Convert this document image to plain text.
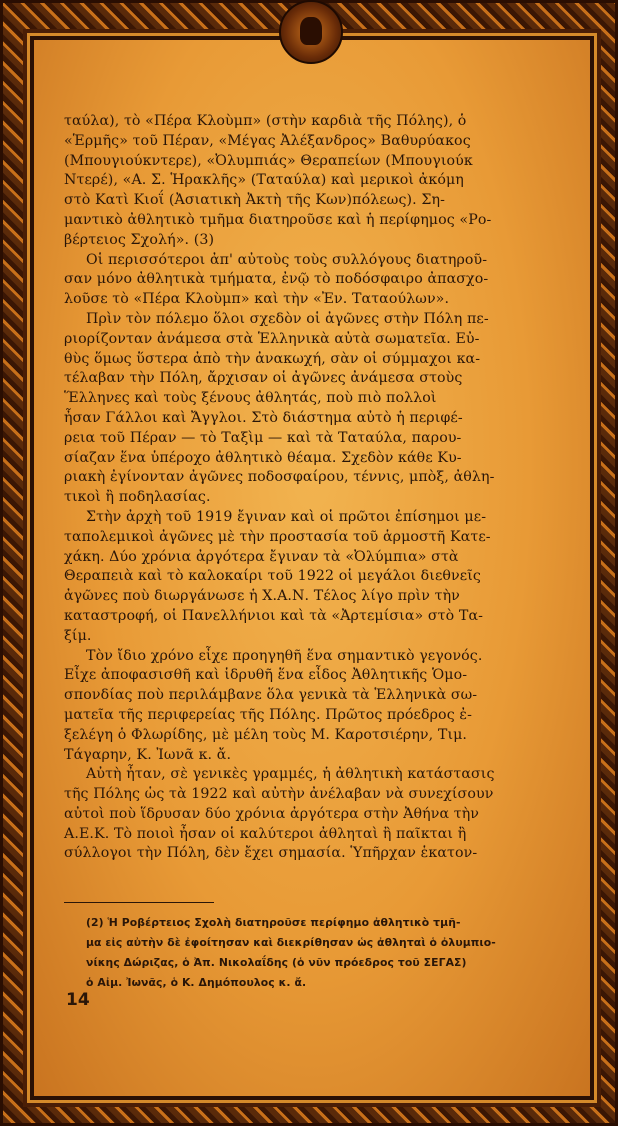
ταύλα), τὸ «Πέρα Κλοὺμπ» (στὴν καρδιὰ τῆς Πόλης), ὁ
«Ἑρμῆς» τοῦ Πέραν, «Μέγας Ἀλέξανδρος» Βαθυρύακος
(Μπουγιούκντερε), «Ὀλυμπιάς» Θεραπείων (Μπουγιούκ
Ντερέ), «Α. Σ. Ἡρακλῆς» (Ταταύλα) καὶ μερικοὶ ἀκόμη
στὸ Κατὶ Κιοΐ (Ἀσιατικὴ Ἀκτὴ τῆς Κων)πόλεως). Ση-
μαντικὸ ἀθλητικὸ τμῆμα διατηροῦσε καὶ ἡ περίφημος «Ρο-
βέρτειος Σχολή». (3)
Οἱ περισσότεροι ἀπ' αὐτοὺς τοὺς συλλόγους διατηροῦ-
σαν μόνο ἀθλητικὰ τμήματα, ἐνῷ τὸ ποδόσφαιρο ἀπασχο-
λοῦσε τὸ «Πέρα Κλοὺμπ» καὶ τὴν «Ἐν. Ταταούλων».
Πρὶν τὸν πόλεμο ὅλοι σχεδὸν οἱ ἀγῶνες στὴν Πόλη πε-
ριορίζονταν ἀνάμεσα στὰ Ἑλληνικὰ αὐτὰ σωματεῖα. Εὐ-
θὺς ὅμως ὕστερα ἀπὸ τὴν ἀνακωχή, σὰν οἱ σύμμαχοι κα-
τέλαβαν τὴν Πόλη, ἄρχισαν οἱ ἀγῶνες ἀνάμεσα στοὺς
Ἕλληνες καὶ τοὺς ξένους ἀθλητάς, ποὺ πιὸ πολλοὶ
ἦσαν Γάλλοι καὶ Ἄγγλοι. Στὸ διάστημα αὐτὸ ἡ περιφέ-
ρεια τοῦ Πέραν — τὸ Ταξὶμ — καὶ τὰ Ταταύλα, παρου-
σίαζαν ἕνα ὑπέροχο ἀθλητικὸ θέαμα. Σχεδὸν κάθε Κυ-
ριακὴ ἐγίνονταν ἀγῶνες ποδοσφαίρου, τέννις, μπὸξ, ἀθλη-
τικοὶ ἢ ποδηλασίας.
Στὴν ἀρχὴ τοῦ 1919 ἔγιναν καὶ οἱ πρῶτοι ἐπίσημοι με-
ταπολεμικοὶ ἀγῶνες μὲ τὴν προστασία τοῦ ἁρμοστῆ Κατε-
χάκη. Δύο χρόνια ἀργότερα ἔγιναν τὰ «Ὀλύμπια» στὰ
Θεραπειὰ καὶ τὸ καλοκαίρι τοῦ 1922 οἱ μεγάλοι διεθνεῖς
ἀγῶνες ποὺ διωργάνωσε ἡ Χ.Α.Ν. Τέλος λίγο πρὶν τὴν
καταστροφή, οἱ Πανελλήνιοι καὶ τὰ «Ἀρτεμίσια» στὸ Τα-
ξίμ.
Τὸν ἴδιο χρόνο εἶχε προηγηθῆ ἕνα σημαντικὸ γεγονός.
Εἶχε ἀποφασισθῆ καὶ ἱδρυθῆ ἕνα εἶδος Ἀθλητικῆς Ὁμο-
σπονδίας ποὺ περιλάμβανε ὅλα γενικὰ τὰ Ἑλληνικὰ σω-
ματεῖα τῆς περιφερείας τῆς Πόλης. Πρῶτος πρόεδρος ἐ-
ξελέγη ὁ Φλωρίδης, μὲ μέλη τοὺς Μ. Καροτσιέρην, Τιμ.
Τάγαρην, Κ. Ἰωνᾶ κ. ἄ.
Αὐτὴ ἦταν, σὲ γενικὲς γραμμές, ἡ ἀθλητικὴ κατάστασις
τῆς Πόλης ὡς τὰ 1922 καὶ αὐτὴν ἀνέλαβαν νὰ συνεχίσουν
αὐτοὶ ποὺ ἵδρυσαν δύο χρόνια ἀργότερα στὴν Ἀθήνα τὴν
Α.Ε.Κ. Τὸ ποιοὶ ἦσαν οἱ καλύτεροι ἀθληταὶ ἢ παῖκται ἢ
σύλλογοι τὴν Πόλη, δὲν ἔχει σημασία. Ὑπῆρχαν ἑκατον-
(2) Ἡ Ροβέρτειος Σχολὴ διατηροῦσε περίφημο ἀθλητικὸ τμῆ-
μα εἰς αὐτὴν δὲ ἐφοίτησαν καὶ διεκρίθησαν ὡς ἀθληταὶ ὁ ὀλυμπιο-
νίκης Δώριζας, ὁ Ἀπ. Νικολαΐδης (ὁ νῦν πρόεδρος τοῦ ΣΕΓΑΣ)
ὁ Αἰμ. Ἰωνᾶς, ὁ Κ. Δημόπουλος κ. ἄ.
14
